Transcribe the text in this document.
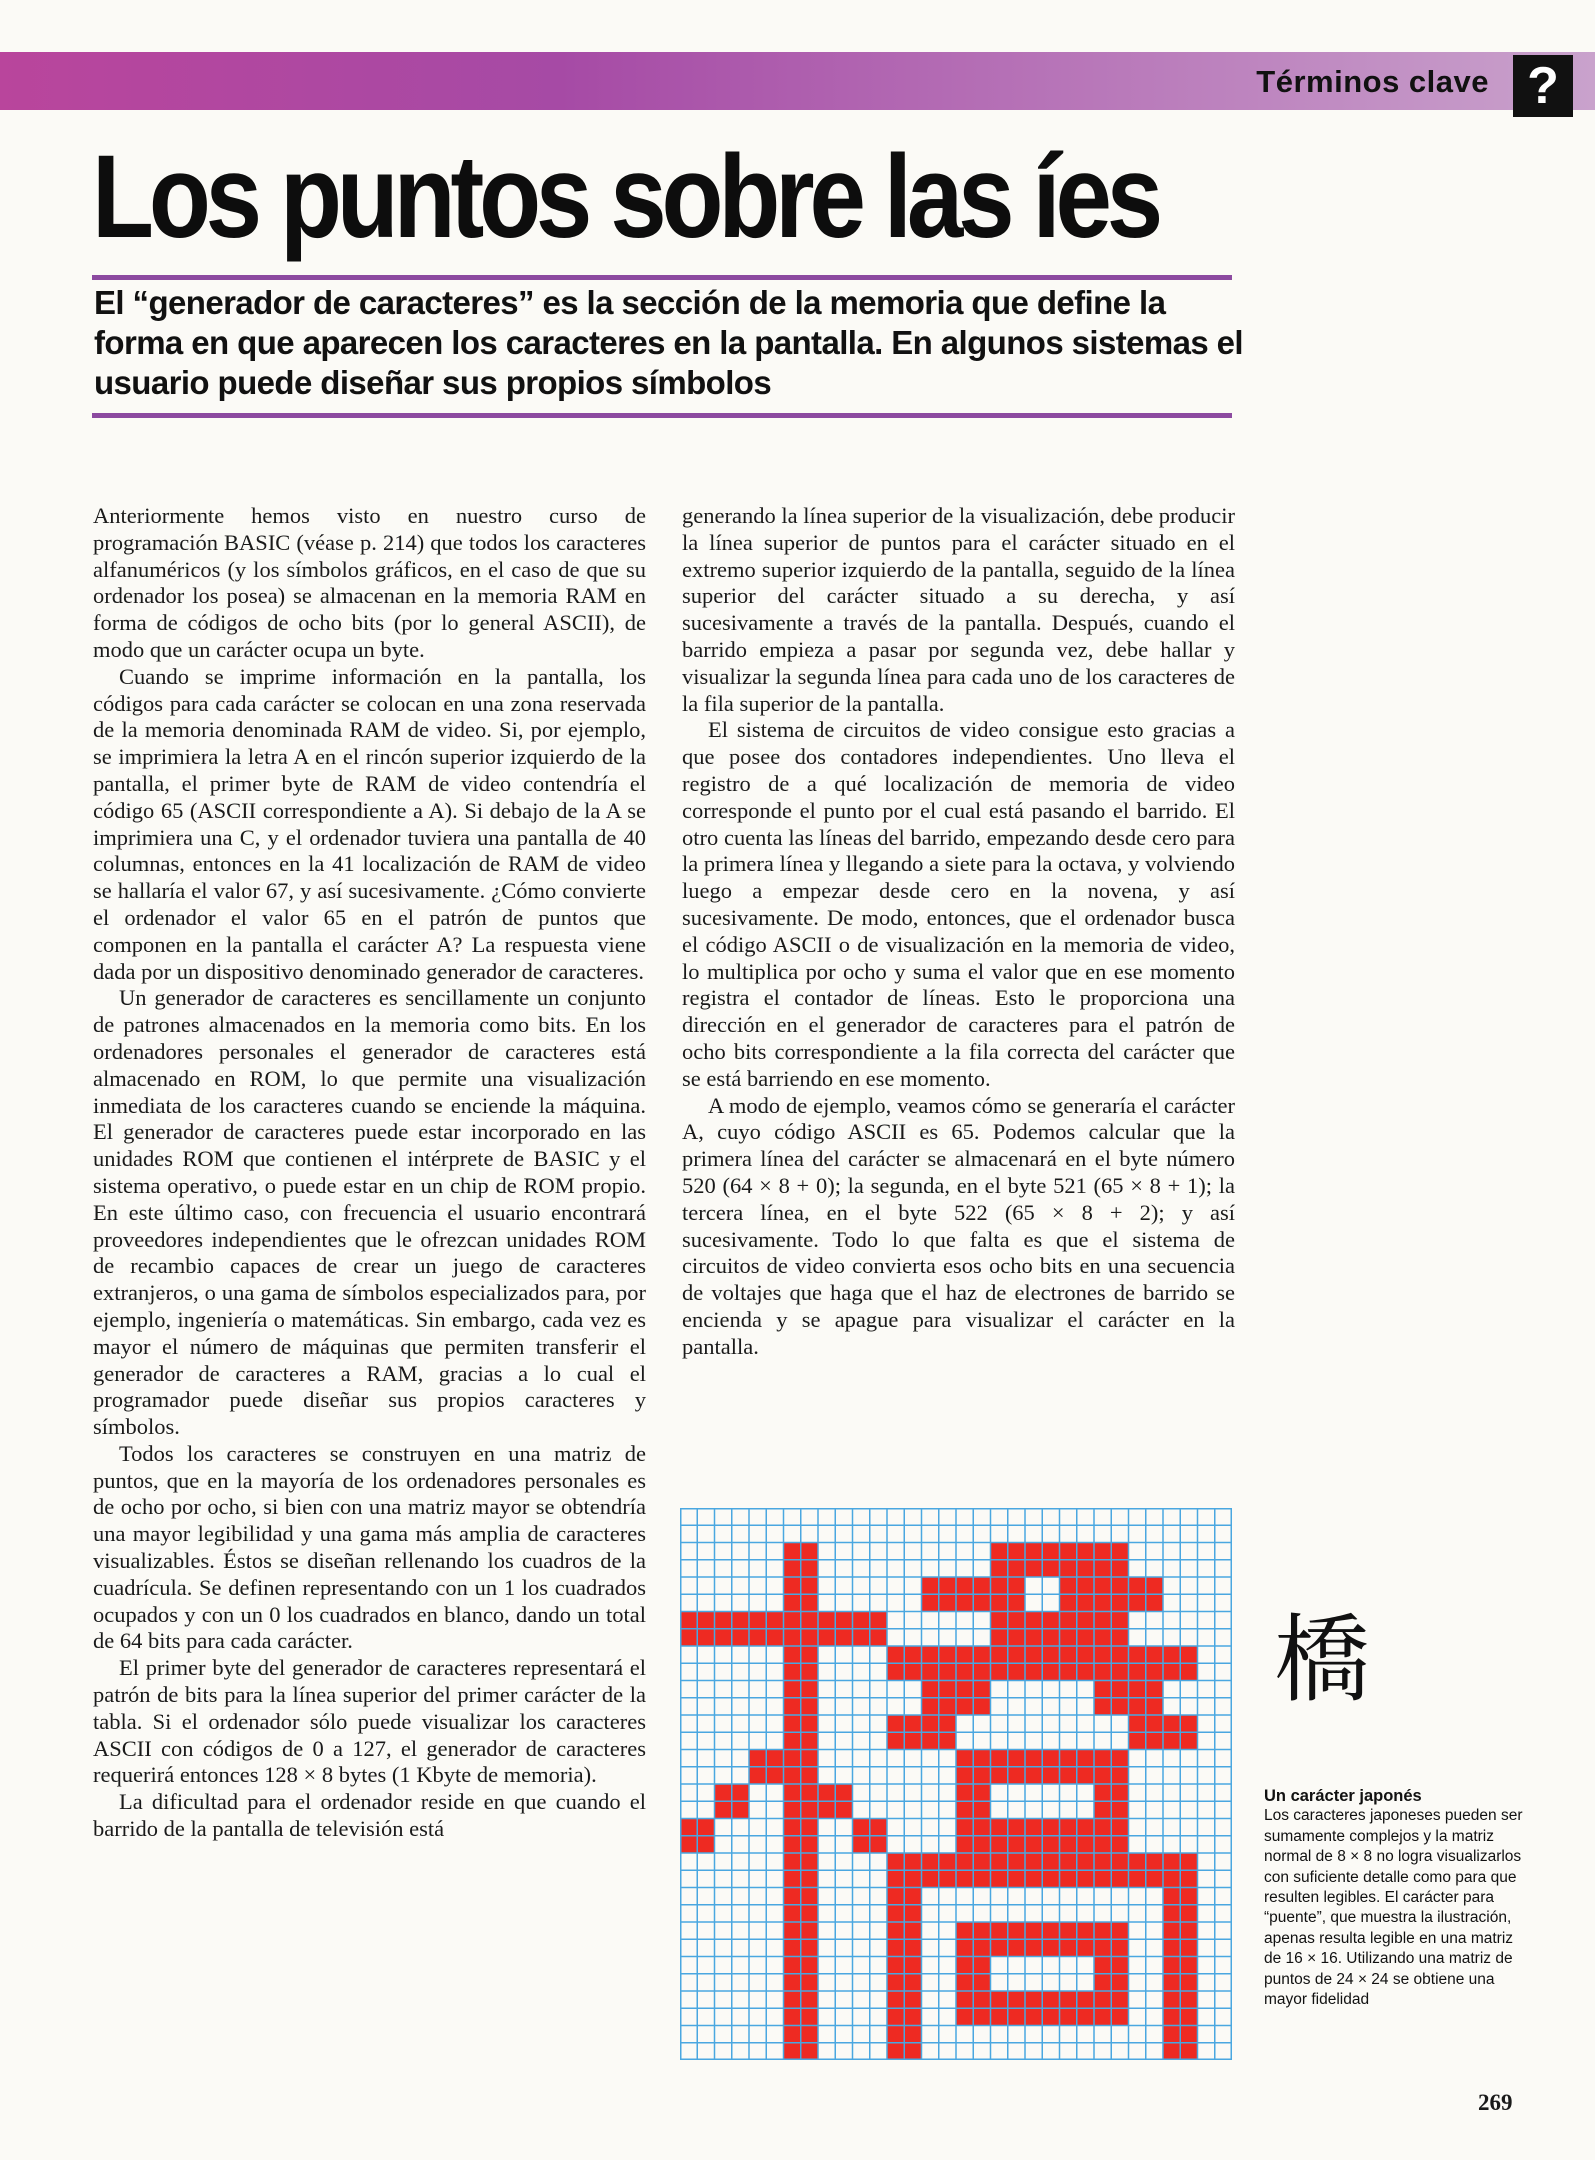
Términos clave ?
Los puntos sobre las íes

El “generador de caracteres” es la sección de la memoria que define la forma en que aparecen los caracteres en la pantalla. En algunos sistemas el usuario puede diseñar sus propios símbolos

Anteriormente hemos visto en nuestro curso de programación BASIC (véase p. 214) que todos los caracteres alfanuméricos (y los símbolos gráficos, en el caso de que su ordenador los posea) se almacenan en la memoria RAM en forma de códigos de ocho bits (por lo general ASCII), de modo que un carácter ocupa un byte.

Cuando se imprime información en la pantalla, los códigos para cada carácter se colocan en una zona reservada de la memoria denominada RAM de video. Si, por ejemplo, se imprimiera la letra A en el rincón superior izquierdo de la pantalla, el primer byte de RAM de video contendría el código 65 (ASCII correspondiente a A). Si debajo de la A se imprimiera una C, y el ordenador tuviera una pantalla de 40 columnas, entonces en la 41 localización de RAM de video se hallaría el valor 67, y así sucesivamente. ¿Cómo convierte el ordenador el valor 65 en el patrón de puntos que componen en la pantalla el carácter A? La respuesta viene dada por un dispositivo denominado generador de caracteres.

Un generador de caracteres es sencillamente un conjunto de patrones almacenados en la memoria como bits. En los ordenadores personales el generador de caracteres está almacenado en ROM, lo que permite una visualización inmediata de los caracteres cuando se enciende la máquina. El generador de caracteres puede estar incorporado en las unidades ROM que contienen el intérprete de BASIC y el sistema operativo, o puede estar en un chip de ROM propio. En este último caso, con frecuencia el usuario encontrará proveedores independientes que le ofrezcan unidades ROM de recambio capaces de crear un juego de caracteres extranjeros, o una gama de símbolos especializados para, por ejemplo, ingeniería o matemáticas. Sin embargo, cada vez es mayor el número de máquinas que permiten transferir el generador de caracteres a RAM, gracias a lo cual el programador puede diseñar sus propios caracteres y símbolos.

Todos los caracteres se construyen en una matriz de puntos, que en la mayoría de los ordenadores personales es de ocho por ocho, si bien con una matriz mayor se obtendría una mayor legibilidad y una gama más amplia de caracteres visualizables. Éstos se diseñan rellenando los cuadros de la cuadrícula. Se definen representando con un 1 los cuadrados ocupados y con un 0 los cuadrados en blanco, dando un total de 64 bits para cada carácter.

El primer byte del generador de caracteres representará el patrón de bits para la línea superior del primer carácter de la tabla. Si el ordenador sólo puede visualizar los caracteres ASCII con códigos de 0 a 127, el generador de caracteres requerirá entonces 128 × 8 bytes (1 Kbyte de memoria).

La dificultad para el ordenador reside en que cuando el barrido de la pantalla de televisión está

generando la línea superior de la visualización, debe producir la línea superior de puntos para el carácter situado en el extremo superior izquierdo de la pantalla, seguido de la línea superior del carácter situado a su derecha, y así sucesivamente a través de la pantalla. Después, cuando el barrido empieza a pasar por segunda vez, debe hallar y visualizar la segunda línea para cada uno de los caracteres de la fila superior de la pantalla.

El sistema de circuitos de video consigue esto gracias a que posee dos contadores independientes. Uno lleva el registro de a qué localización de memoria de video corresponde el punto por el cual está pasando el barrido. El otro cuenta las líneas del barrido, empezando desde cero para la primera línea y llegando a siete para la octava, y volviendo luego a empezar desde cero en la novena, y así sucesivamente. De modo, entonces, que el ordenador busca el código ASCII o de visualización en la memoria de video, lo multiplica por ocho y suma el valor que en ese momento registra el contador de líneas. Esto le proporciona una dirección en el generador de caracteres para el patrón de ocho bits correspondiente a la fila correcta del carácter que se está barriendo en ese momento.

A modo de ejemplo, veamos cómo se generaría el carácter A, cuyo código ASCII es 65. Podemos calcular que la primera línea del carácter se almacenará en el byte número 520 (64 × 8 + 0); la segunda, en el byte 521 (65 × 8 + 1); la tercera línea, en el byte 522 (65 × 8 + 2); y así sucesivamente. Todo lo que falta es que el sistema de circuitos de video convierta esos ocho bits en una secuencia de voltajes que haga que el haz de electrones de barrido se encienda y se apague para visualizar el carácter en la pantalla.

橋
Un carácter japonés
Los caracteres japoneses pueden ser sumamente complejos y la matriz normal de 8 × 8 no logra visualizarlos con suficiente detalle como para que resulten legibles. El carácter para “puente”, que muestra la ilustración, apenas resulta legible en una matriz de 16 × 16. Utilizando una matriz de puntos de 24 × 24 se obtiene una mayor fidelidad
269
